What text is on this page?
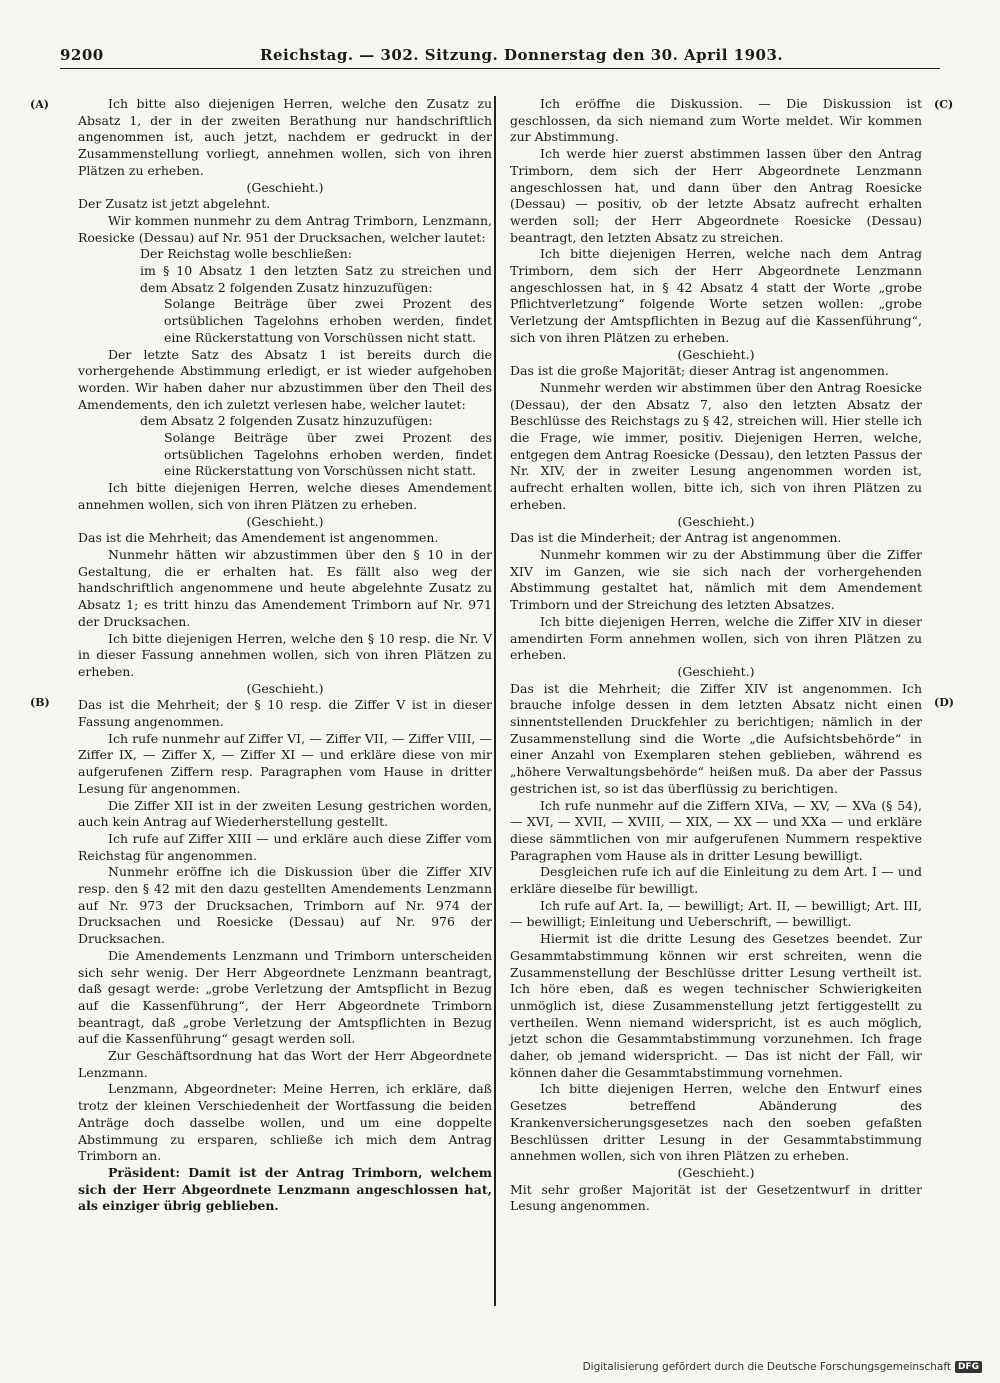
9200	Reichstag. — 302. Sitzung. Donnerstag den 30. April 1903.
(A)
(B)
(C)
(D)

Ich bitte also diejenigen Herren, welche den Zusatz zu Absatz 1, der in der zweiten Berathung nur handschriftlich angenommen ist, auch jetzt, nachdem er gedruckt in der Zusammenstellung vorliegt, annehmen wollen, sich von ihren Plätzen zu erheben.

(Geschieht.)

Der Zusatz ist jetzt abgelehnt.

Wir kommen nunmehr zu dem Antrag Trimborn, Lenzmann, Roesicke (Dessau) auf Nr. 951 der Drucksachen, welcher lautet:

Der Reichstag wolle beschließen:

im § 10 Absatz 1 den letzten Satz zu streichen und dem Absatz 2 folgenden Zusatz hinzuzufügen:

Solange Beiträge über zwei Prozent des ortsüblichen Tagelohns erhoben werden, findet eine Rückerstattung von Vorschüssen nicht statt.

Der letzte Satz des Absatz 1 ist bereits durch die vorhergehende Abstimmung erledigt, er ist wieder aufgehoben worden. Wir haben daher nur abzustimmen über den Theil des Amendements, den ich zuletzt verlesen habe, welcher lautet:

dem Absatz 2 folgenden Zusatz hinzuzufügen:

Solange Beiträge über zwei Prozent des ortsüblichen Tagelohns erhoben werden, findet eine Rückerstattung von Vorschüssen nicht statt.

Ich bitte diejenigen Herren, welche dieses Amendement annehmen wollen, sich von ihren Plätzen zu erheben.

(Geschieht.)

Das ist die Mehrheit; das Amendement ist angenommen.

Nunmehr hätten wir abzustimmen über den § 10 in der Gestaltung, die er erhalten hat. Es fällt also weg der handschriftlich angenommene und heute abgelehnte Zusatz zu Absatz 1; es tritt hinzu das Amendement Trimborn auf Nr. 971 der Drucksachen.

Ich bitte diejenigen Herren, welche den § 10 resp. die Nr. V in dieser Fassung annehmen wollen, sich von ihren Plätzen zu erheben.

(Geschieht.)

Das ist die Mehrheit; der § 10 resp. die Ziffer V ist in dieser Fassung angenommen.

Ich rufe nunmehr auf Ziffer VI, — Ziffer VII, — Ziffer VIII, — Ziffer IX, — Ziffer X, — Ziffer XI — und erkläre diese von mir aufgerufenen Ziffern resp. Paragraphen vom Hause in dritter Lesung für angenommen.

Die Ziffer XII ist in der zweiten Lesung gestrichen worden, auch kein Antrag auf Wiederherstellung gestellt.

Ich rufe auf Ziffer XIII — und erkläre auch diese Ziffer vom Reichstag für angenommen.

Nunmehr eröffne ich die Diskussion über die Ziffer XIV resp. den § 42 mit den dazu gestellten Amendements Lenzmann auf Nr. 973 der Drucksachen, Trimborn auf Nr. 974 der Drucksachen und Roesicke (Dessau) auf Nr. 976 der Drucksachen.

Die Amendements Lenzmann und Trimborn unterscheiden sich sehr wenig. Der Herr Abgeordnete Lenzmann beantragt, daß gesagt werde: „grobe Verletzung der Amtspflicht in Bezug auf die Kassenführung“, der Herr Abgeordnete Trimborn beantragt, daß „grobe Verletzung der Amtspflichten in Bezug auf die Kassenführung“ gesagt werden soll.

Zur Geschäftsordnung hat das Wort der Herr Abgeordnete Lenzmann.

Lenzmann, Abgeordneter: Meine Herren, ich erkläre, daß trotz der kleinen Verschiedenheit der Wortfassung die beiden Anträge doch dasselbe wollen, und um eine doppelte Abstimmung zu ersparen, schließe ich mich dem Antrag Trimborn an.

Präsident: Damit ist der Antrag Trimborn, welchem sich der Herr Abgeordnete Lenzmann angeschlossen hat, als einziger übrig geblieben.

Ich eröffne die Diskussion. — Die Diskussion ist geschlossen, da sich niemand zum Worte meldet. Wir kommen zur Abstimmung.

Ich werde hier zuerst abstimmen lassen über den Antrag Trimborn, dem sich der Herr Abgeordnete Lenzmann angeschlossen hat, und dann über den Antrag Roesicke (Dessau) — positiv, ob der letzte Absatz aufrecht erhalten werden soll; der Herr Abgeordnete Roesicke (Dessau) beantragt, den letzten Absatz zu streichen.

Ich bitte diejenigen Herren, welche nach dem Antrag Trimborn, dem sich der Herr Abgeordnete Lenzmann angeschlossen hat, in § 42 Absatz 4 statt der Worte „grobe Pflichtverletzung“ folgende Worte setzen wollen: „grobe Verletzung der Amtspflichten in Bezug auf die Kassenführung“, sich von ihren Plätzen zu erheben.

(Geschieht.)

Das ist die große Majorität; dieser Antrag ist angenommen.

Nunmehr werden wir abstimmen über den Antrag Roesicke (Dessau), der den Absatz 7, also den letzten Absatz der Beschlüsse des Reichstags zu § 42, streichen will. Hier stelle ich die Frage, wie immer, positiv. Diejenigen Herren, welche, entgegen dem Antrag Roesicke (Dessau), den letzten Passus der Nr. XIV, der in zweiter Lesung angenommen worden ist, aufrecht erhalten wollen, bitte ich, sich von ihren Plätzen zu erheben.

(Geschieht.)

Das ist die Minderheit; der Antrag ist angenommen.

Nunmehr kommen wir zu der Abstimmung über die Ziffer XIV im Ganzen, wie sie sich nach der vorhergehenden Abstimmung gestaltet hat, nämlich mit dem Amendement Trimborn und der Streichung des letzten Absatzes.

Ich bitte diejenigen Herren, welche die Ziffer XIV in dieser amendirten Form annehmen wollen, sich von ihren Plätzen zu erheben.

(Geschieht.)

Das ist die Mehrheit; die Ziffer XIV ist angenommen. Ich brauche infolge dessen in dem letzten Absatz nicht einen sinnentstellenden Druckfehler zu berichtigen; nämlich in der Zusammenstellung sind die Worte „die Aufsichtsbehörde“ in einer Anzahl von Exemplaren stehen geblieben, während es „höhere Verwaltungsbehörde“ heißen muß. Da aber der Passus gestrichen ist, so ist das überflüssig zu berichtigen.

Ich rufe nunmehr auf die Ziffern XIVa, — XV, — XVa (§ 54), — XVI, — XVII, — XVIII, — XIX, — XX — und XXa — und erkläre diese sämmtlichen von mir aufgerufenen Nummern respektive Paragraphen vom Hause als in dritter Lesung bewilligt.

Desgleichen rufe ich auf die Einleitung zu dem Art. I — und erkläre dieselbe für bewilligt.

Ich rufe auf Art. Ia, — bewilligt; Art. II, — bewilligt; Art. III, — bewilligt; Einleitung und Ueberschrift, — bewilligt.

Hiermit ist die dritte Lesung des Gesetzes beendet. Zur Gesammtabstimmung können wir erst schreiten, wenn die Zusammenstellung der Beschlüsse dritter Lesung vertheilt ist. Ich höre eben, daß es wegen technischer Schwierigkeiten unmöglich ist, diese Zusammenstellung jetzt fertiggestellt zu vertheilen. Wenn niemand widerspricht, ist es auch möglich, jetzt schon die Gesammtabstimmung vorzunehmen. Ich frage daher, ob jemand widerspricht. — Das ist nicht der Fall, wir können daher die Gesammtabstimmung vornehmen.

Ich bitte diejenigen Herren, welche den Entwurf eines Gesetzes betreffend Abänderung des Krankenversicherungsgesetzes nach den soeben gefaßten Beschlüssen dritter Lesung in der Gesammtabstimmung annehmen wollen, sich von ihren Plätzen zu erheben.

(Geschieht.)

Mit sehr großer Majorität ist der Gesetzentwurf in dritter Lesung angenommen.

Digitalisierung gefördert durch die Deutsche Forschungsgemeinschaft DFG
